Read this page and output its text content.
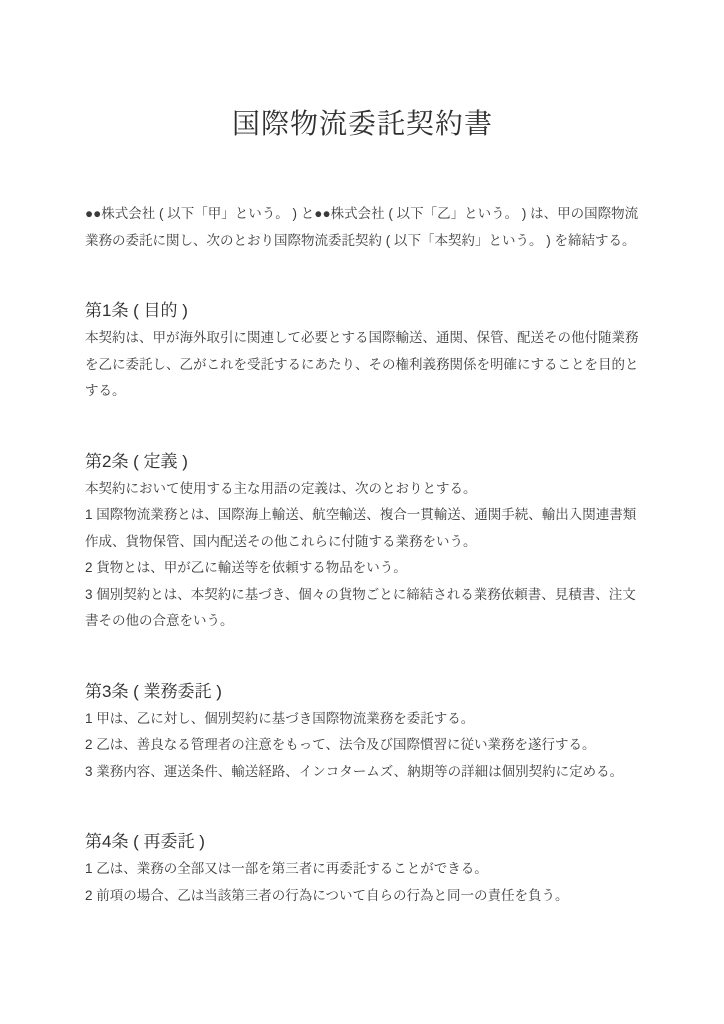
国際物流委託契約書

●●株式会社 ( 以下「甲」という。 ) と●●株式会社 ( 以下「乙」という。 ) は、甲の国際物流業務の委託に関し、次のとおり国際物流委託契約 ( 以下「本契約」という。 ) を締結する。

第1条 ( 目的 )

本契約は、甲が海外取引に関連して必要とする国際輸送、通関、保管、配送その他付随業務を乙に委託し、乙がこれを受託するにあたり、その権利義務関係を明確にすることを目的とする。

第2条 ( 定義 )

本契約において使用する主な用語の定義は、次のとおりとする。

1 国際物流業務とは、国際海上輸送、航空輸送、複合一貫輸送、通関手続、輸出入関連書類作成、貨物保管、国内配送その他これらに付随する業務をいう。

2 貨物とは、甲が乙に輸送等を依頼する物品をいう。

3 個別契約とは、本契約に基づき、個々の貨物ごとに締結される業務依頼書、見積書、注文書その他の合意をいう。

第3条 ( 業務委託 )

1 甲は、乙に対し、個別契約に基づき国際物流業務を委託する。

2 乙は、善良なる管理者の注意をもって、法令及び国際慣習に従い業務を遂行する。

3 業務内容、運送条件、輸送経路、インコタームズ、納期等の詳細は個別契約に定める。

第4条 ( 再委託 )

1 乙は、業務の全部又は一部を第三者に再委託することができる。

2 前項の場合、乙は当該第三者の行為について自らの行為と同一の責任を負う。
